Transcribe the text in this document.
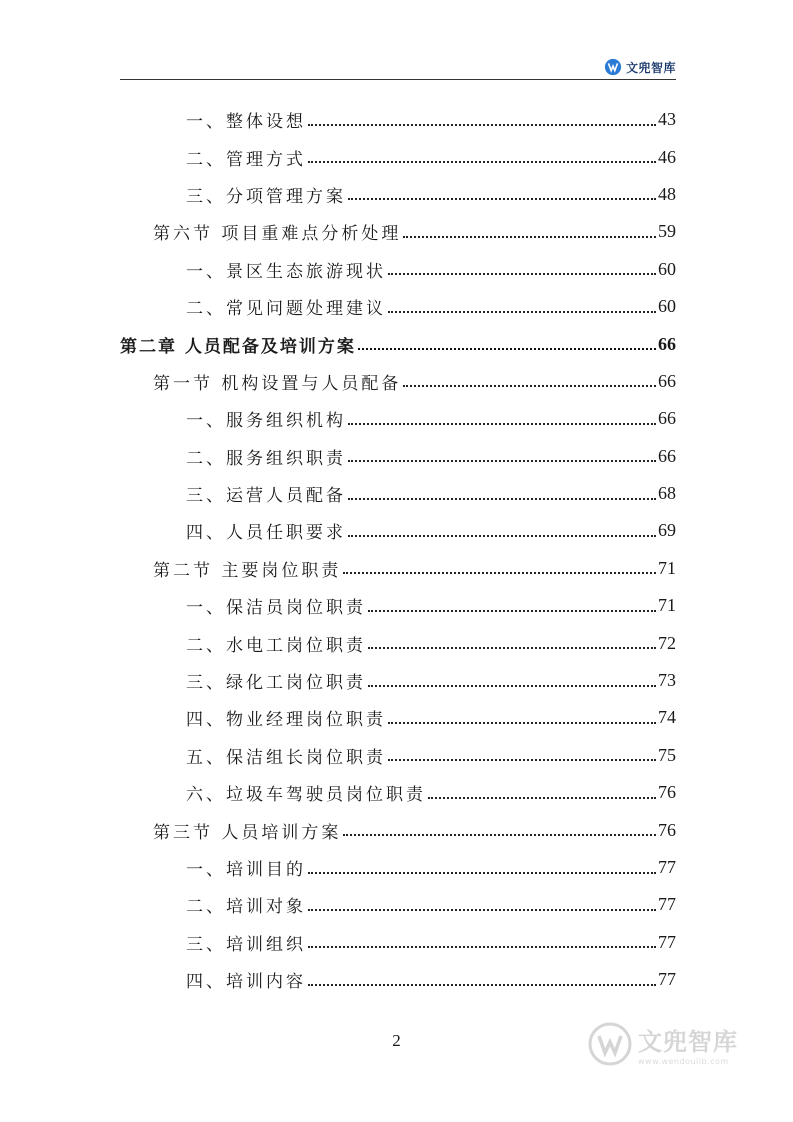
文兜智库
一、整体设想	43
二、管理方式	46
三、分项管理方案	48
第六节 项目重难点分析处理	59
一、景区生态旅游现状	60
二、常见问题处理建议	60
第二章 人员配备及培训方案	66
第一节 机构设置与人员配备	66
一、服务组织机构	66
二、服务组织职责	66
三、运营人员配备	68
四、人员任职要求	69
第二节 主要岗位职责	71
一、保洁员岗位职责	71
二、水电工岗位职责	72
三、绿化工岗位职责	73
四、物业经理岗位职责	74
五、保洁组长岗位职责	75
六、垃圾车驾驶员岗位职责	76
第三节 人员培训方案	76
一、培训目的	77
二、培训对象	77
三、培训组织	77
四、培训内容	77
2	文兜智库
www.wendoulib.com
